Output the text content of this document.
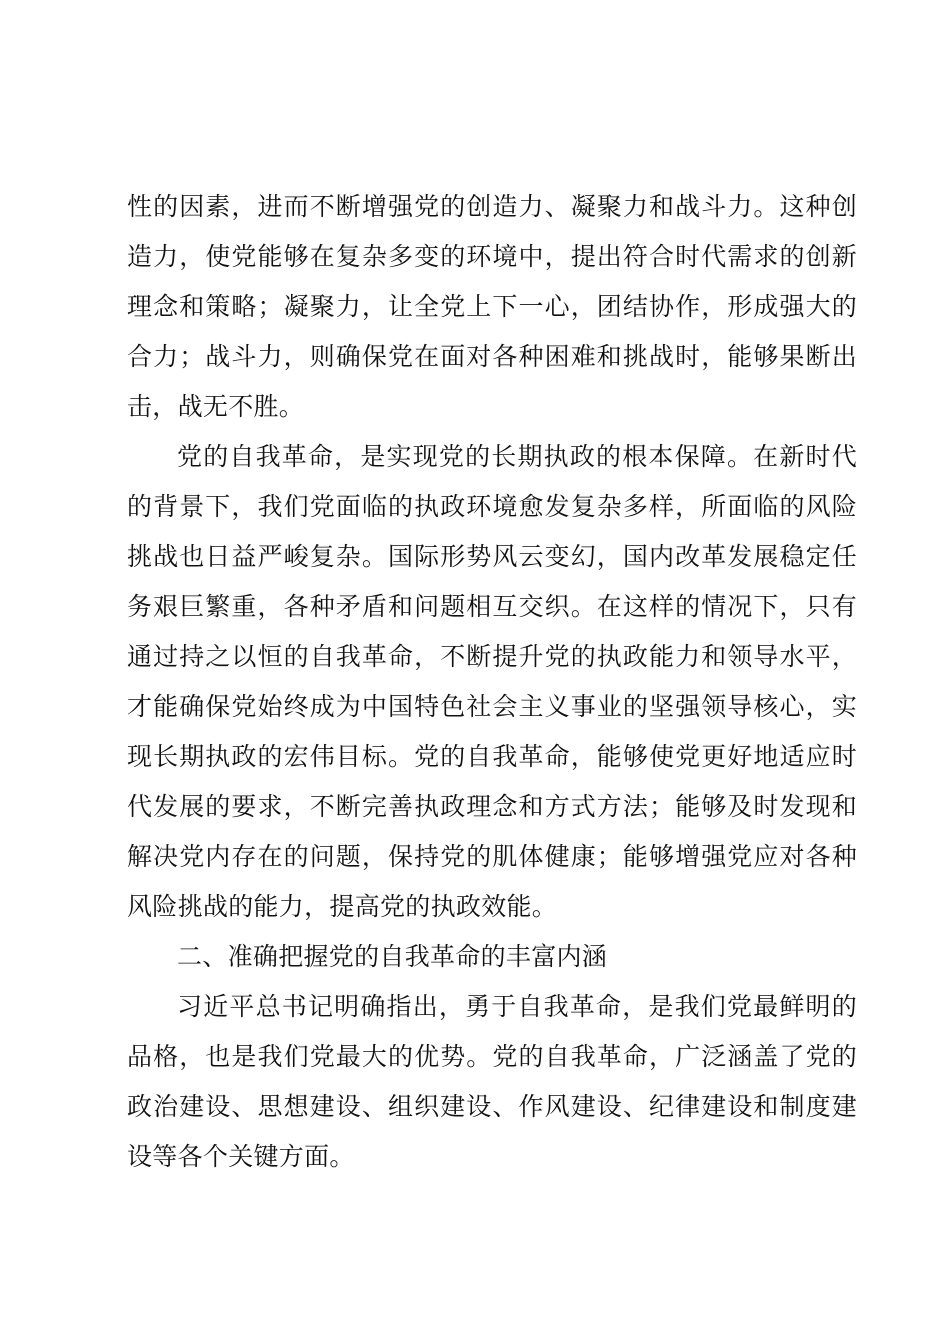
性的因素，进而不断增强党的创造力、凝聚力和战斗力。这种创造力，使党能够在复杂多变的环境中，提出符合时代需求的创新理念和策略；凝聚力，让全党上下一心，团结协作，形成强大的合力；战斗力，则确保党在面对各种困难和挑战时，能够果断出击，战无不胜。

党的自我革命，是实现党的长期执政的根本保障。在新时代的背景下，我们党面临的执政环境愈发复杂多样，所面临的风险挑战也日益严峻复杂。国际形势风云变幻，国内改革发展稳定任务艰巨繁重，各种矛盾和问题相互交织。在这样的情况下，只有通过持之以恒的自我革命，不断提升党的执政能力和领导水平，才能确保党始终成为中国特色社会主义事业的坚强领导核心，实现长期执政的宏伟目标。党的自我革命，能够使党更好地适应时代发展的要求，不断完善执政理念和方式方法；能够及时发现和解决党内存在的问题，保持党的肌体健康；能够增强党应对各种风险挑战的能力，提高党的执政效能。

二、准确把握党的自我革命的丰富内涵

习近平总书记明确指出，勇于自我革命，是我们党最鲜明的品格，也是我们党最大的优势。党的自我革命，广泛涵盖了党的政治建设、思想建设、组织建设、作风建设、纪律建设和制度建设等各个关键方面。
